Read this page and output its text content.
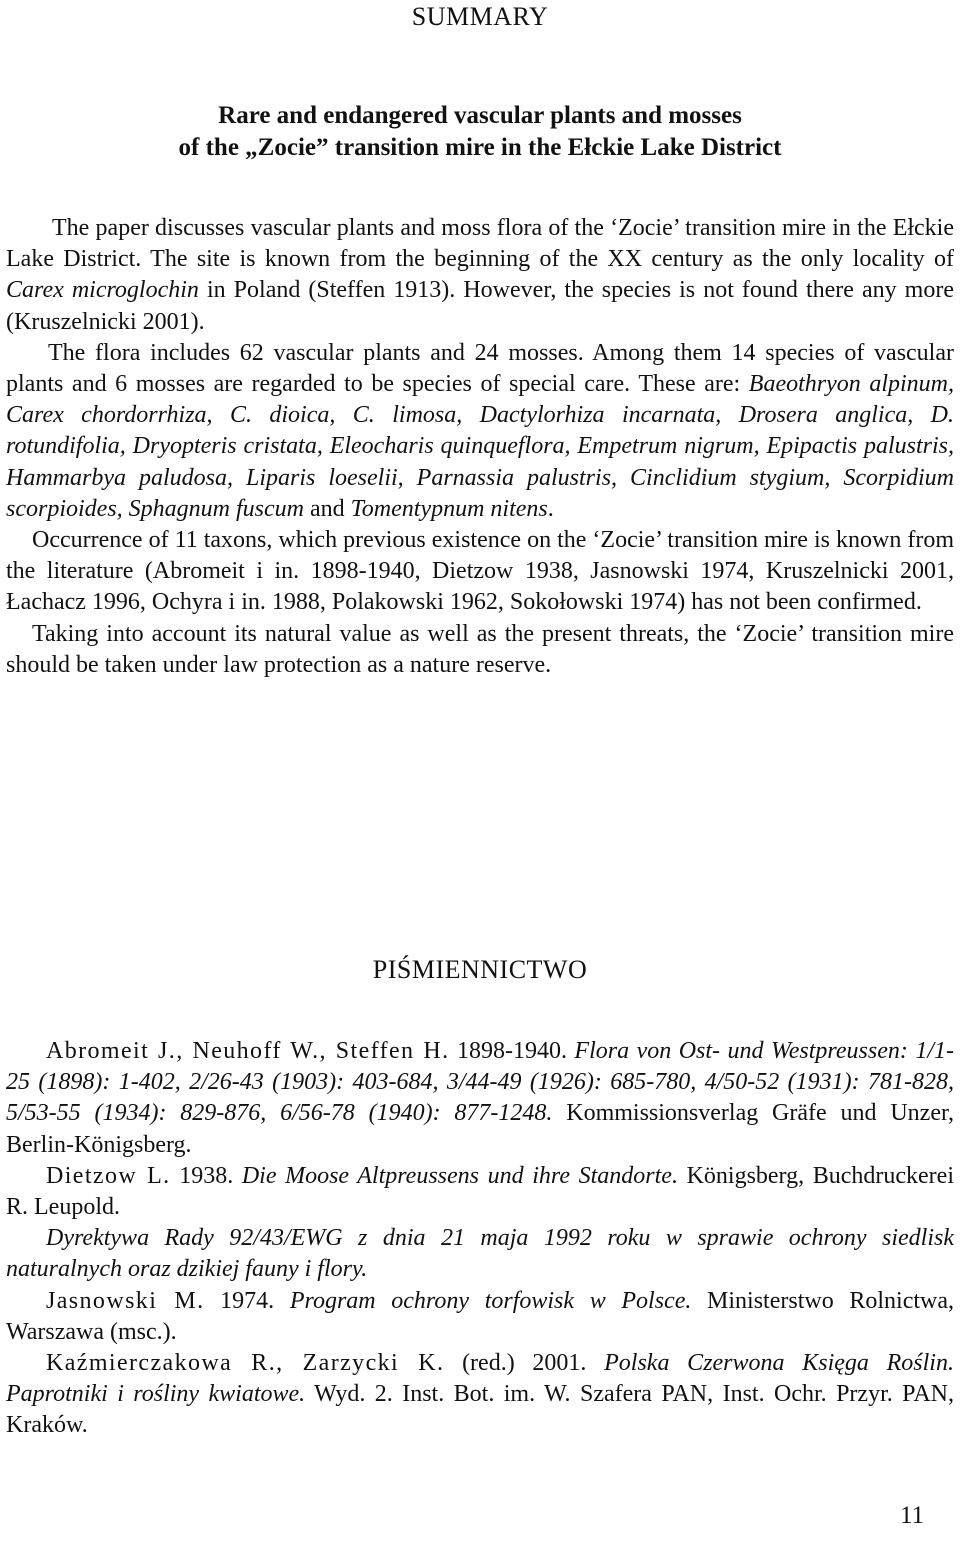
SUMMARY
Rare and endangered vascular plants and mosses
of the „Zocie” transition mire in the Ełckie Lake District

The paper discusses vascular plants and moss flora of the ‘Zocie’ transition mire in the Ełckie Lake District. The site is known from the beginning of the XX century as the only locality of Carex microglochin in Poland (Steffen 1913). However, the species is not found there any more (Kruszelnicki 2001).

The flora includes 62 vascular plants and 24 mosses. Among them 14 species of vascular plants and 6 mosses are regarded to be species of special care. These are: Baeothryon alpinum, Carex chordorrhiza, C. dioica, C. limosa, Dactylorhiza incarnata, Drosera anglica, D. rotundifolia, Dryopteris cristata, Eleocharis quinqueflora, Empetrum nigrum, Epipactis palustris, Hammarbya paludosa, Liparis loeselii, Parnassia palustris, Cinclidium stygium, Scorpidium scorpioides, Sphagnum fuscum and Tomentypnum nitens.

Occurrence of 11 taxons, which previous existence on the ‘Zocie’ transition mire is known from the literature (Abromeit i in. 1898-1940, Dietzow 1938, Jasnowski 1974, Kruszelnicki 2001, Łachacz 1996, Ochyra i in. 1988, Polakowski 1962, Sokołowski 1974) has not been confirmed.

Taking into account its natural value as well as the present threats, the ‘Zocie’ transition mire should be taken under law protection as a nature reserve.

PIŚMIENNICTWO

Abromeit J., Neuhoff W., Steffen H. 1898-1940. Flora von Ost- und Westpreussen: 1/1-25 (1898): 1-402, 2/26-43 (1903): 403-684, 3/44-49 (1926): 685-780, 4/50-52 (1931): 781-828, 5/53-55 (1934): 829-876, 6/56-78 (1940): 877-1248. Kommissionsverlag Gräfe und Unzer, Berlin-Königsberg.

Dietzow L. 1938. Die Moose Altpreussens und ihre Standorte. Königsberg, Buchdruckerei R. Leupold.

Dyrektywa Rady 92/43/EWG z dnia 21 maja 1992 roku w sprawie ochrony siedlisk naturalnych oraz dzikiej fauny i flory.

Jasnowski M. 1974. Program ochrony torfowisk w Polsce. Ministerstwo Rolnictwa, Warszawa (msc.).

Kaźmierczakowa R., Zarzycki K. (red.) 2001. Polska Czerwona Księga Roślin. Paprotniki i rośliny kwiatowe. Wyd. 2. Inst. Bot. im. W. Szafera PAN, Inst. Ochr. Przyr. PAN, Kraków.

11
